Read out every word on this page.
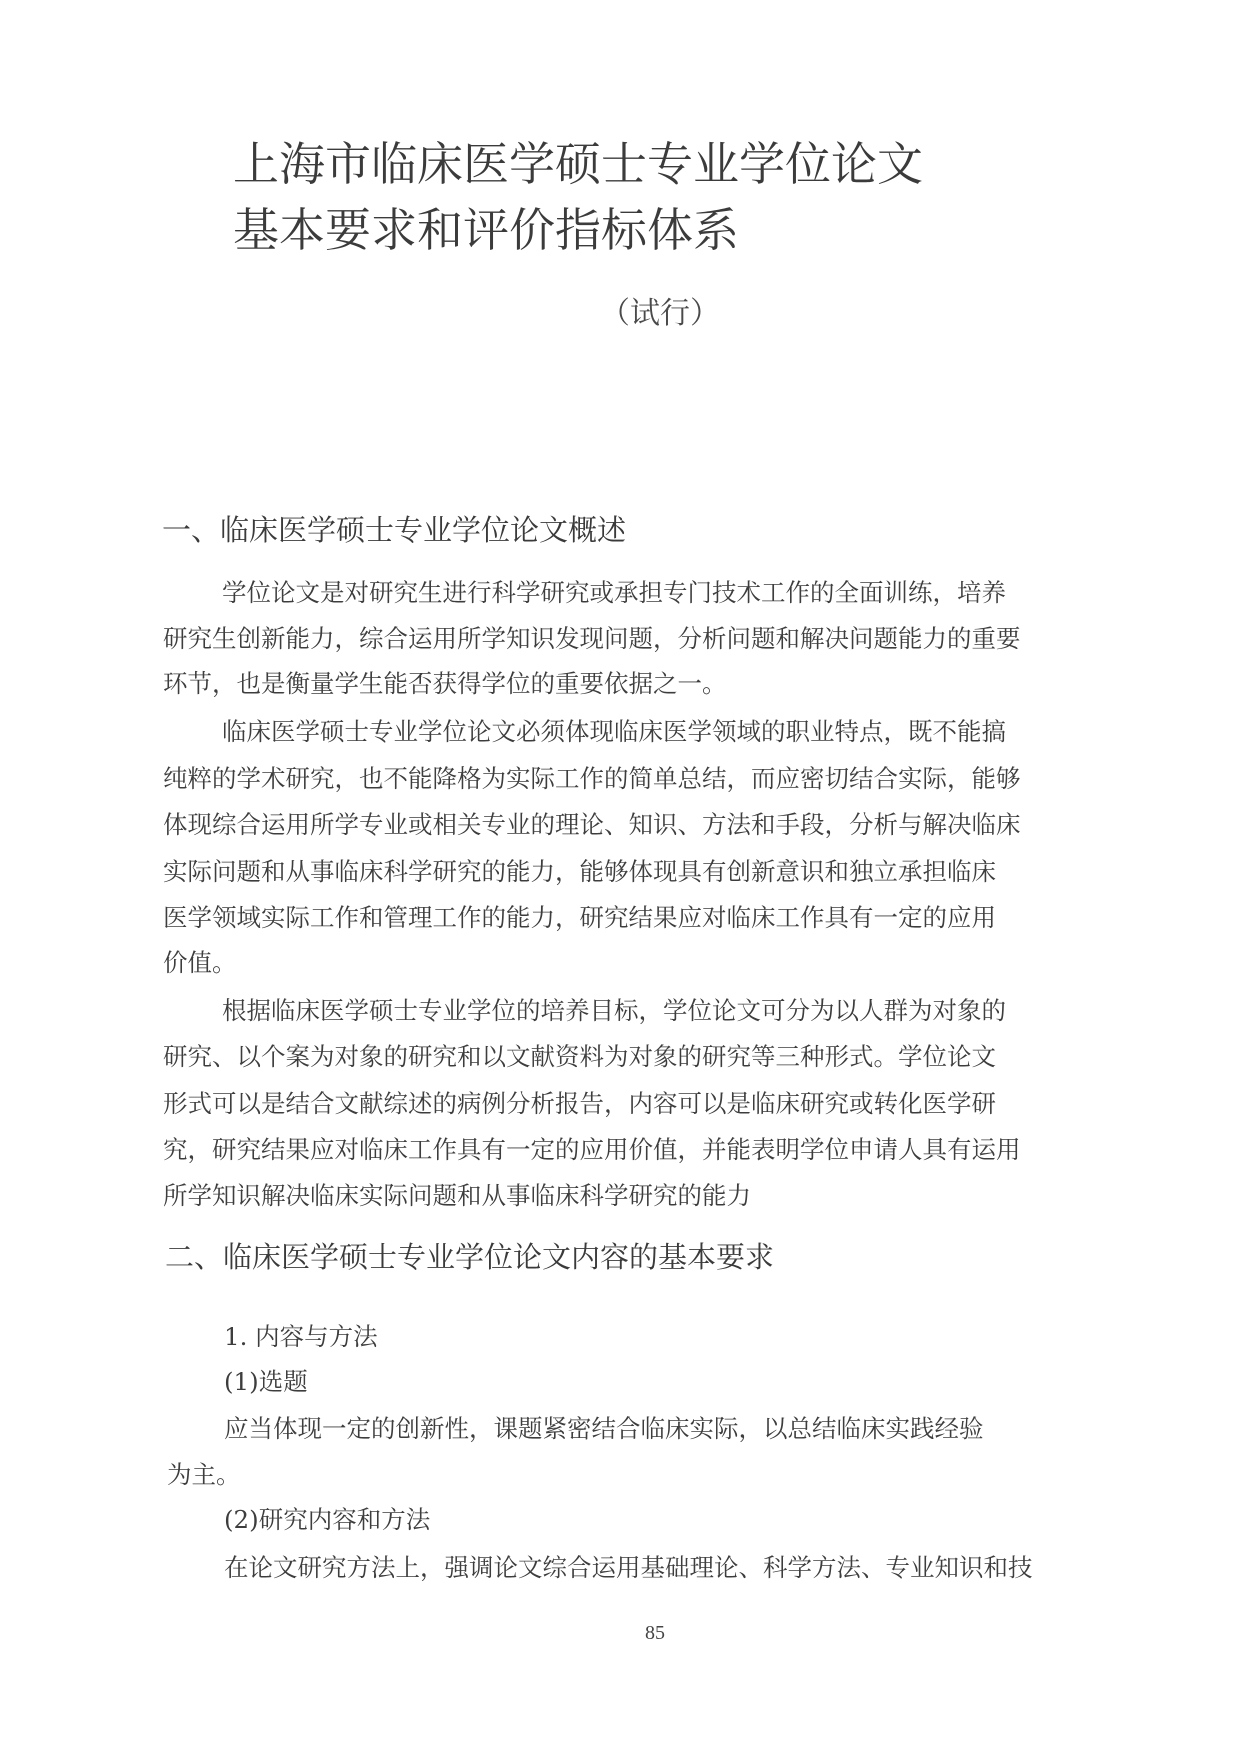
上海市临床医学硕士专业学位论文
基本要求和评价指标体系
（试行）
一、临床医学硕士专业学位论文概述
学位论文是对研究生进行科学研究或承担专门技术工作的全面训练，培养
研究生创新能力，综合运用所学知识发现问题，分析问题和解决问题能力的重要
环节，也是衡量学生能否获得学位的重要依据之一。
临床医学硕士专业学位论文必须体现临床医学领域的职业特点，既不能搞
纯粹的学术研究，也不能降格为实际工作的简单总结，而应密切结合实际，能够
体现综合运用所学专业或相关专业的理论、知识、方法和手段，分析与解决临床
实际问题和从事临床科学研究的能力，能够体现具有创新意识和独立承担临床
医学领域实际工作和管理工作的能力，研究结果应对临床工作具有一定的应用
价值。
根据临床医学硕士专业学位的培养目标，学位论文可分为以人群为对象的
研究、以个案为对象的研究和以文献资料为对象的研究等三种形式。学位论文
形式可以是结合文献综述的病例分析报告，内容可以是临床研究或转化医学研
究，研究结果应对临床工作具有一定的应用价值，并能表明学位申请人具有运用
所学知识解决临床实际问题和从事临床科学研究的能力
二、临床医学硕士专业学位论文内容的基本要求
1. 内容与方法
(1)选题
应当体现一定的创新性，课题紧密结合临床实际，以总结临床实践经验
为主。
(2)研究内容和方法
在论文研究方法上，强调论文综合运用基础理论、科学方法、专业知识和技
85
